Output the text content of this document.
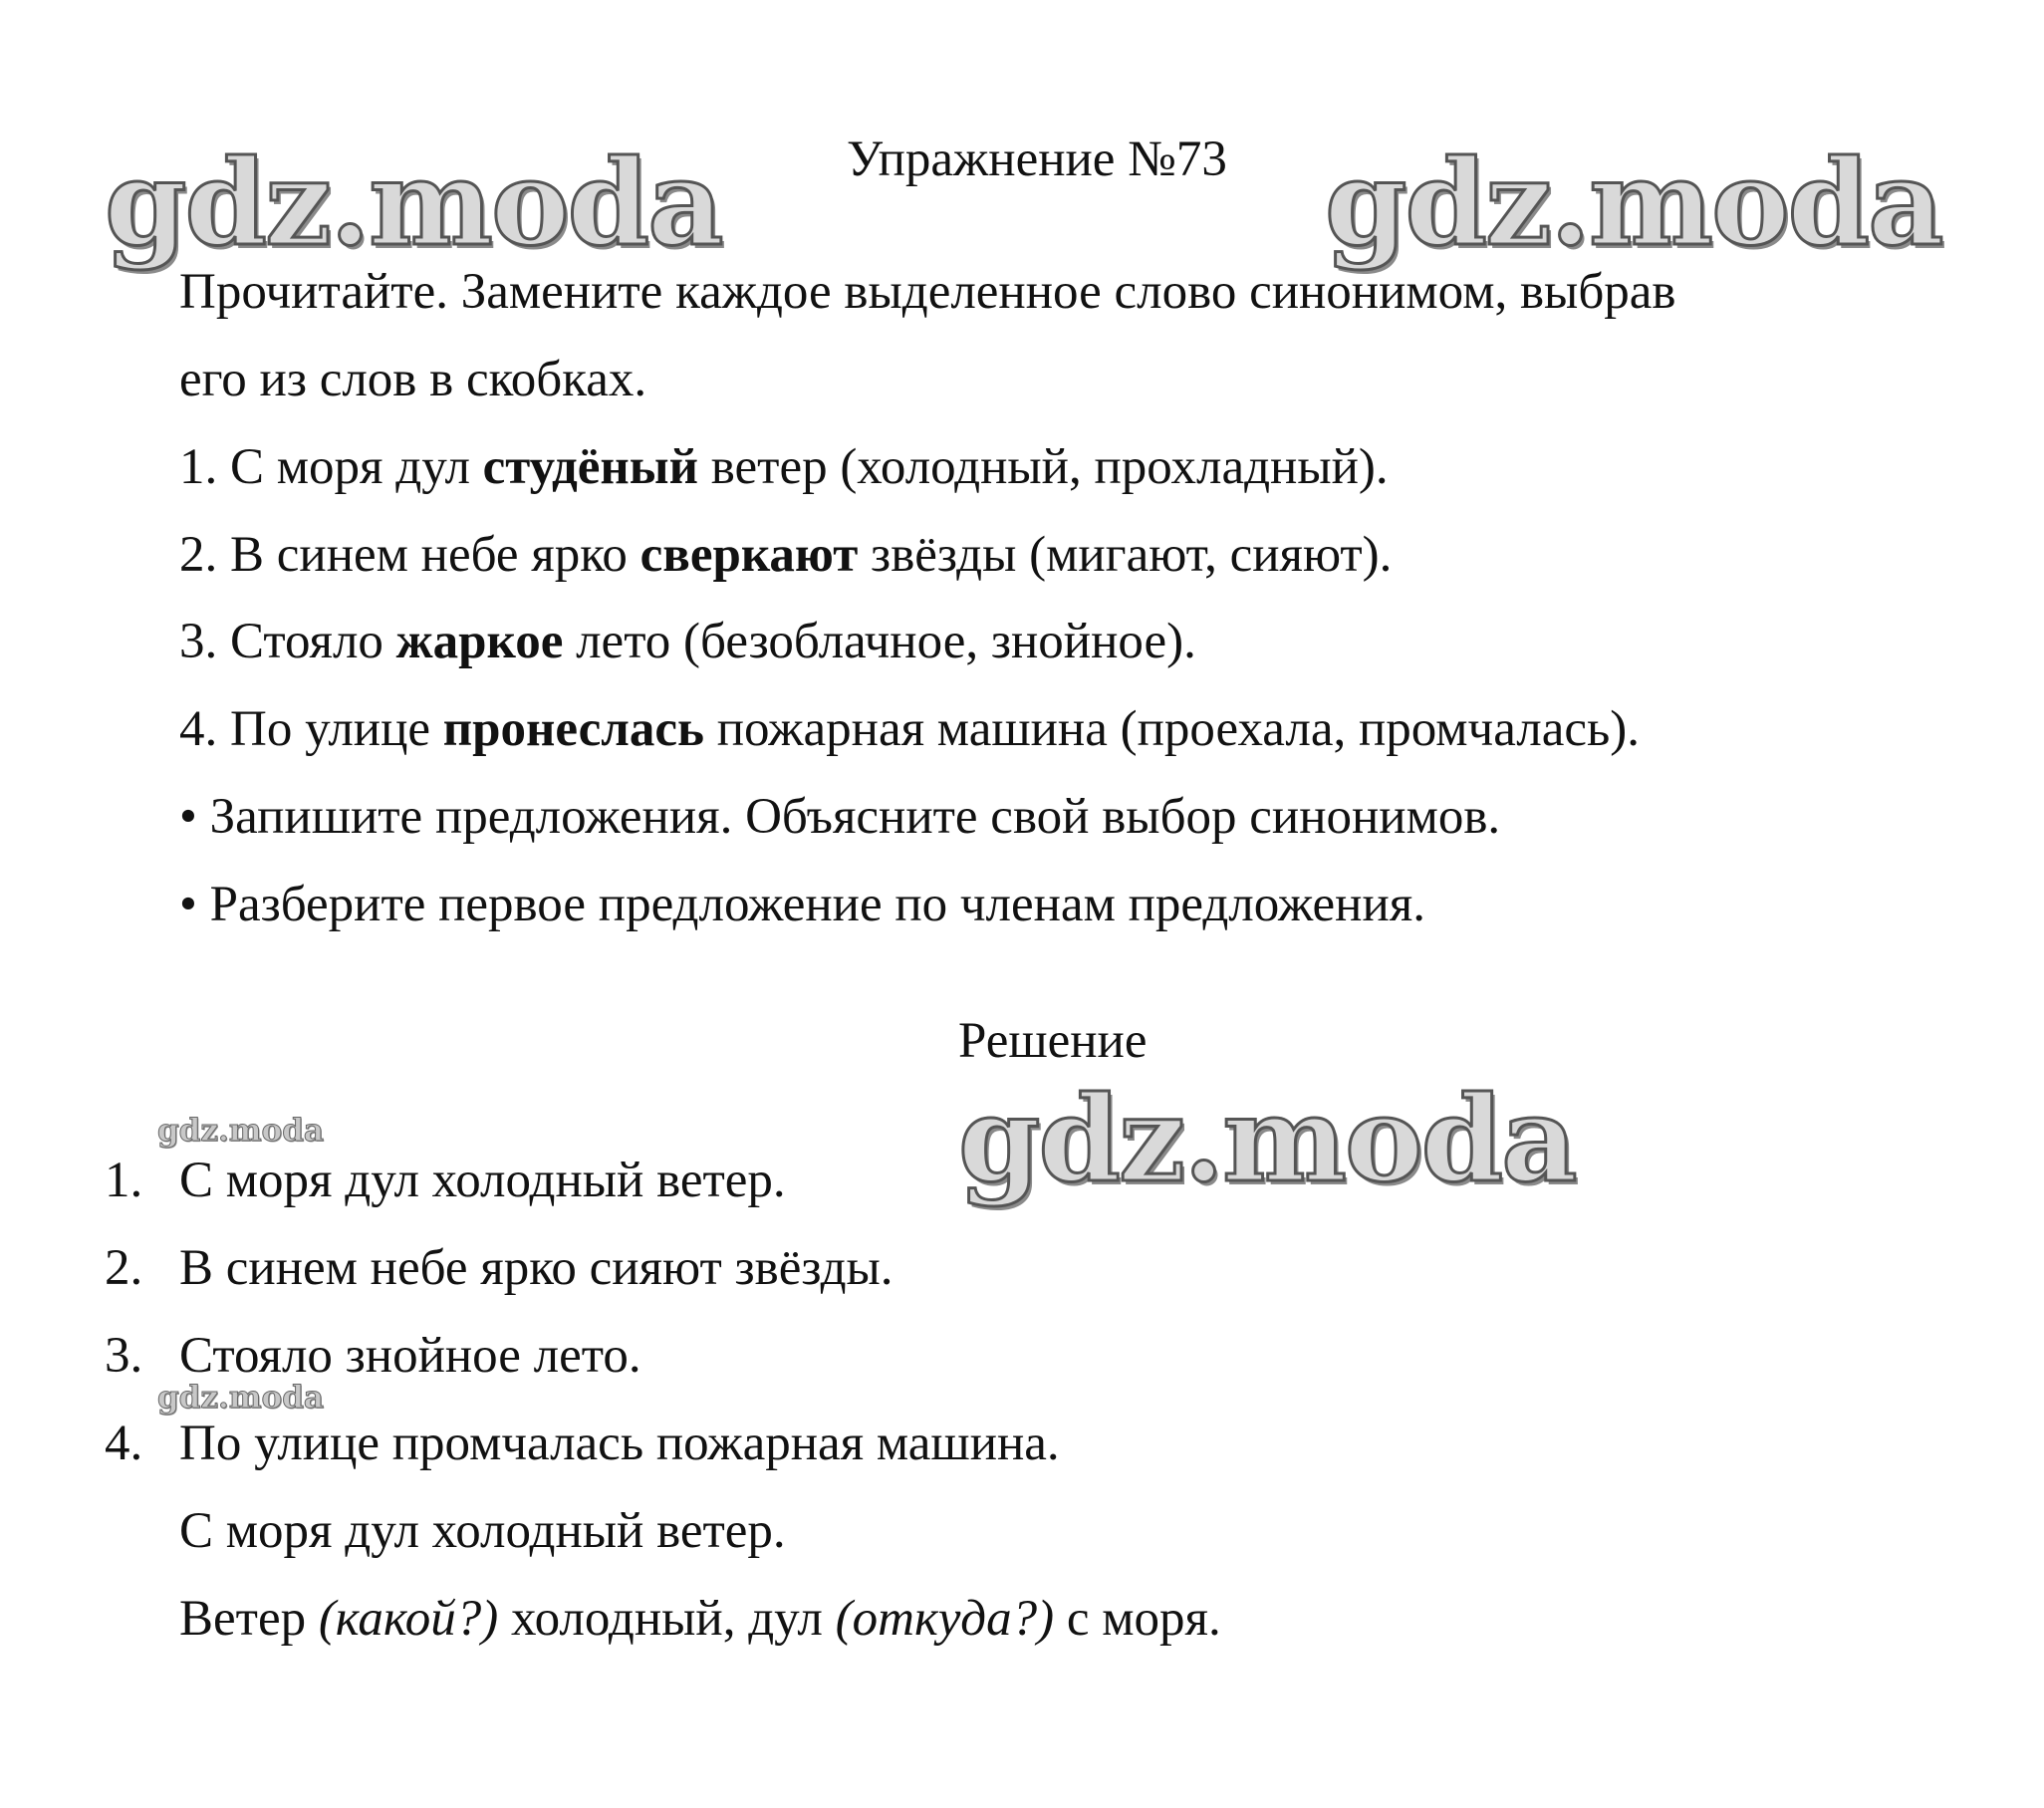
gdz.moda	gdz.moda
gdz.moda
gdz.moda
gdz.moda
Упражнение №73
Прочитайте. Замените каждое выделенное слово синонимом, выбрав
его из слов в скобках.
1. С моря дул студёный ветер (холодный, прохладный).
2. В синем небе ярко сверкают звёзды (мигают, сияют).
3. Стояло жаркое лето (безоблачное, знойное).
4. По улице пронеслась пожарная машина (проехала, промчалась).
• Запишите предложения. Объясните свой выбор синонимов.
• Разберите первое предложение по членам предложения.
Решение
1. С моря дул холодный ветер.
2. В синем небе ярко сияют звёзды.
3. Стояло знойное лето.
4. По улице промчалась пожарная машина.
С моря дул холодный ветер.
Ветер (какой?) холодный, дул (откуда?) с моря.
